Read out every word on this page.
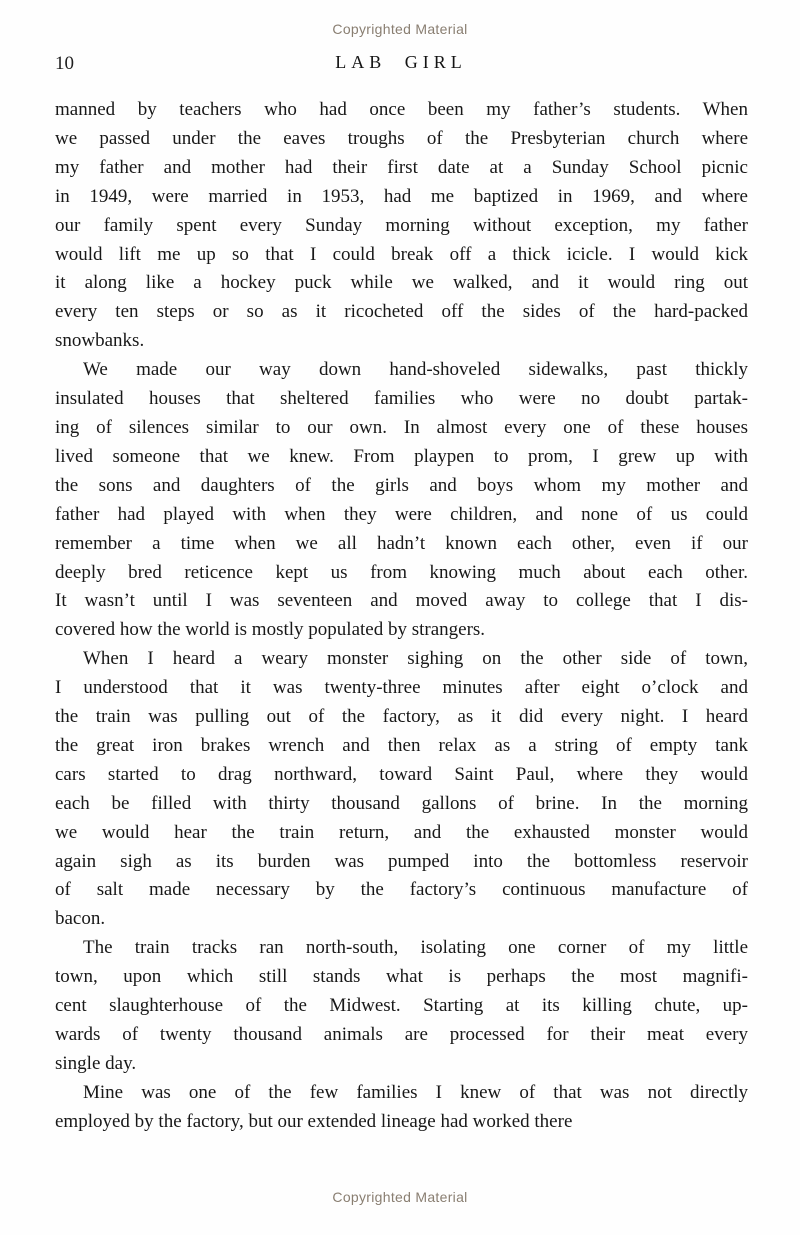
Copyrighted Material
10	LAB GIRL
manned by teachers who had once been my father’s students. When
we passed under the eaves troughs of the Presbyterian church where
my father and mother had their first date at a Sunday School picnic
in 1949, were married in 1953, had me baptized in 1969, and where
our family spent every Sunday morning without exception, my father
would lift me up so that I could break off a thick icicle. I would kick
it along like a hockey puck while we walked, and it would ring out
every ten steps or so as it ricocheted off the sides of the hard-packed
snowbanks.
We made our way down hand-shoveled sidewalks, past thickly
insulated houses that sheltered families who were no doubt partak-
ing of silences similar to our own. In almost every one of these houses
lived someone that we knew. From playpen to prom, I grew up with
the sons and daughters of the girls and boys whom my mother and
father had played with when they were children, and none of us could
remember a time when we all hadn’t known each other, even if our
deeply bred reticence kept us from knowing much about each other.
It wasn’t until I was seventeen and moved away to college that I dis-
covered how the world is mostly populated by strangers.
When I heard a weary monster sighing on the other side of town,
I understood that it was twenty-three minutes after eight o’clock and
the train was pulling out of the factory, as it did every night. I heard
the great iron brakes wrench and then relax as a string of empty tank
cars started to drag northward, toward Saint Paul, where they would
each be filled with thirty thousand gallons of brine. In the morning
we would hear the train return, and the exhausted monster would
again sigh as its burden was pumped into the bottomless reservoir
of salt made necessary by the factory’s continuous manufacture of
bacon.
The train tracks ran north-south, isolating one corner of my little
town, upon which still stands what is perhaps the most magnifi-
cent slaughterhouse of the Midwest. Starting at its killing chute, up-
wards of twenty thousand animals are processed for their meat every
single day.
Mine was one of the few families I knew of that was not directly
employed by the factory, but our extended lineage had worked there
Copyrighted Material
